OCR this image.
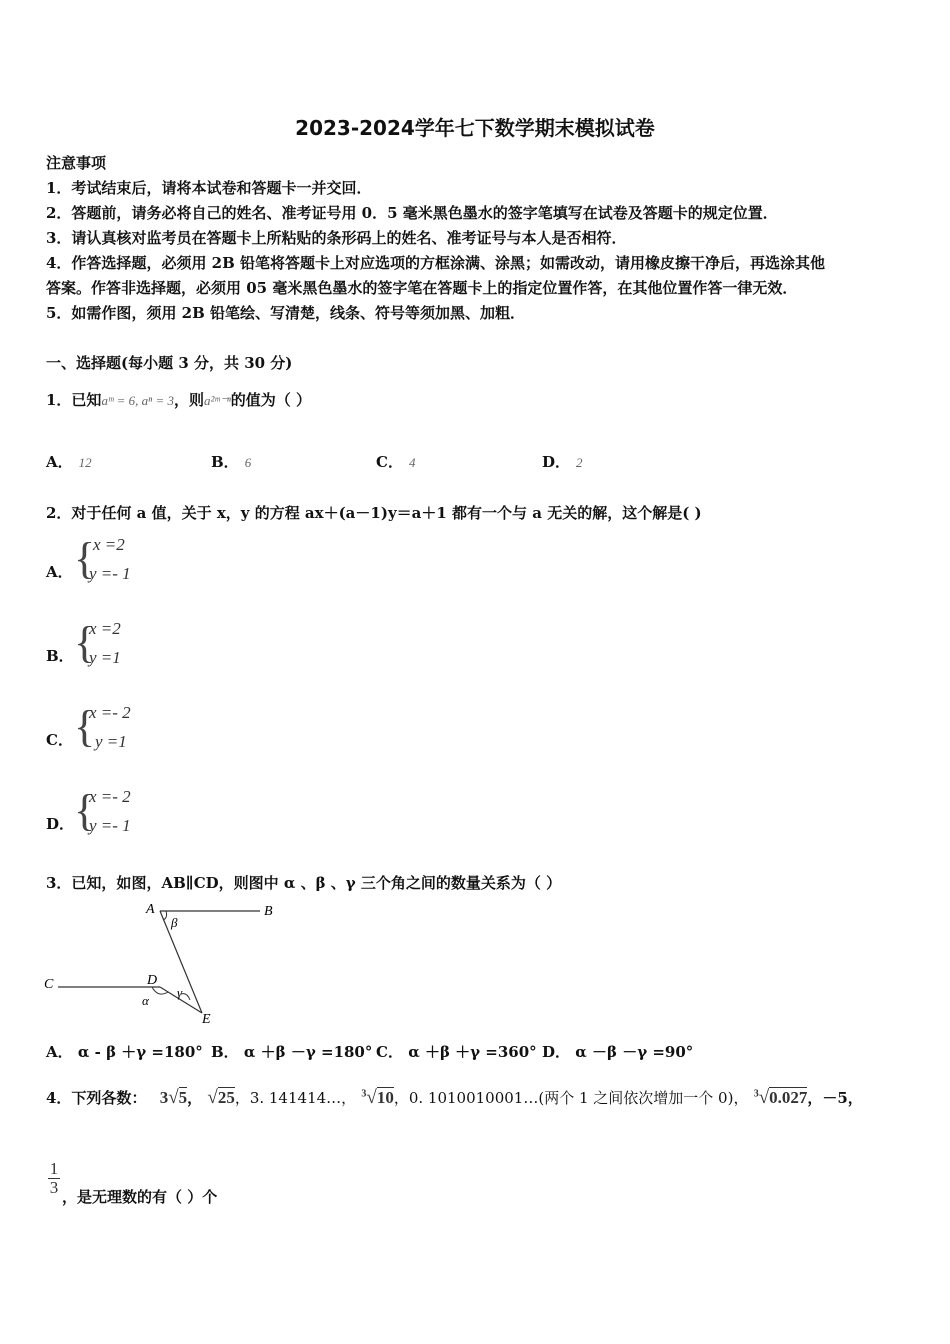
2023-2024学年七下数学期末模拟试卷
注意事项
1．考试结束后，请将本试卷和答题卡一并交回．
2．答题前，请务必将自己的姓名、准考证号用 0．5 毫米黑色墨水的签字笔填写在试卷及答题卡的规定位置．
3．请认真核对监考员在答题卡上所粘贴的条形码上的姓名、准考证号与本人是否相符．
4．作答选择题，必须用 2B 铅笔将答题卡上对应选项的方框涂满、涂黑；如需改动，请用橡皮擦干净后，再选涂其他
答案。作答非选择题，必须用 05 毫米黑色墨水的签字笔在答题卡上的指定位置作答，在其他位置作答一律无效．
5．如需作图，须用 2B 铅笔绘、写清楚，线条、符号等须加黑、加粗．
一、选择题(每小题 3 分，共 30 分)
1．已知aᵐ = 6, aⁿ = 3，则a²ᵐ⁻ⁿ的值为（ ）
A． 12	B． 6	C． 4	D． 2
2．对于任何 a 值，关于 x，y 的方程 ax＋(a－1)y＝a＋1 都有一个与 a 无关的解，这个解是( )
A． {
x =2
y =- 1
B． {
x =2
y =1
C． {
x =- 2
y =1
D． {
x =- 2
y =- 1
3．已知，如图，AB∥CD，则图中 α 、β 、γ 三个角之间的数量关系为（ ）
A	B
C	D
E
α
β
γ
A． α - β ＋γ =180° B． α ＋β －γ =180° C． α ＋β ＋γ =360° D． α －β －γ =90°
4．下列各数： 3√5， √25，3. 141414…， $^3$√10，0. 1010010001…(两个 1 之间依次增加一个 0)， $^3$√0.027，－5，
1
3 ，是无理数的有（ ）个
